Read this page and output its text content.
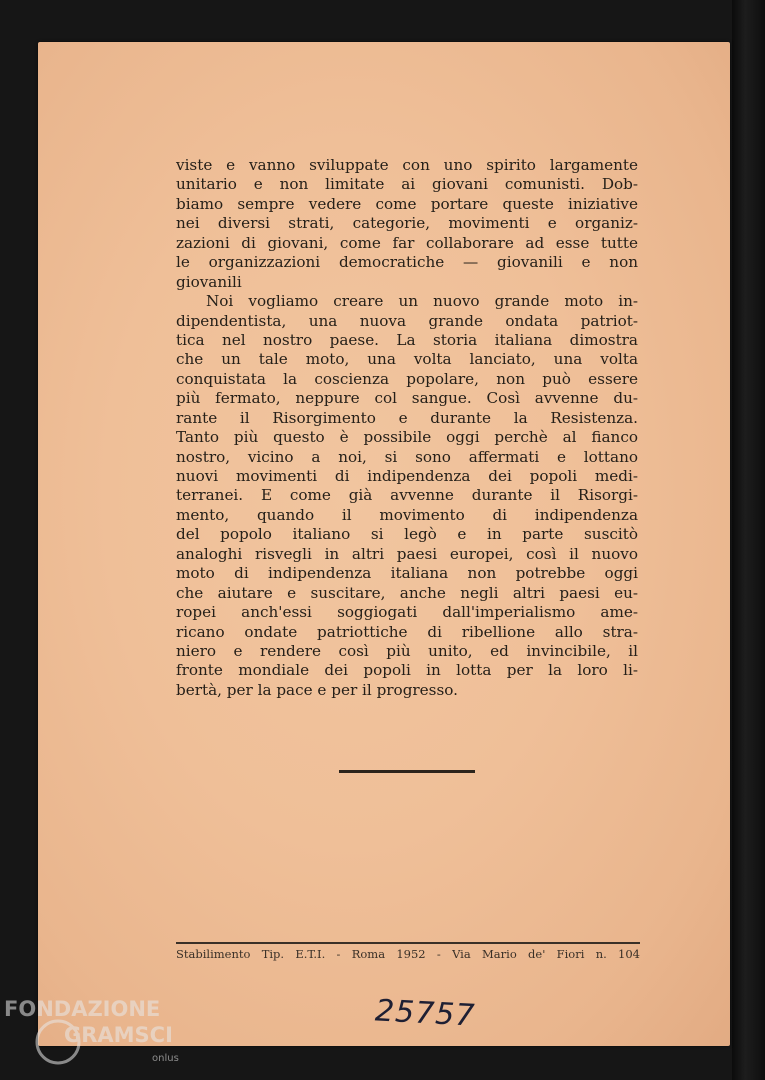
viste e vanno sviluppate con uno spirito largamente
unitario e non limitate ai giovani comunisti. Dob-
biamo sempre vedere come portare queste iniziative
nei diversi strati, categorie, movimenti e organiz-
zazioni di giovani, come far collaborare ad esse tutte
le organizzazioni democratiche — giovanili e non
giovanili
Noi vogliamo creare un nuovo grande moto in-
dipendentista, una nuova grande ondata patriot-
tica nel nostro paese. La storia italiana dimostra
che un tale moto, una volta lanciato, una volta
conquistata la coscienza popolare, non può essere
più fermato, neppure col sangue. Così avvenne du-
rante il Risorgimento e durante la Resistenza.
Tanto più questo è possibile oggi perchè al fianco
nostro, vicino a noi, si sono affermati e lottano
nuovi movimenti di indipendenza dei popoli medi-
terranei. E come già avvenne durante il Risorgi-
mento, quando il movimento di indipendenza
del popolo italiano si legò e in parte suscitò
analoghi risvegli in altri paesi europei, così il nuovo
moto di indipendenza italiana non potrebbe oggi
che aiutare e suscitare, anche negli altri paesi eu-
ropei anch'essi soggiogati dall'imperialismo ame-
ricano ondate patriottiche di ribellione allo stra-
niero e rendere così più unito, ed invincibile, il
fronte mondiale dei popoli in lotta per la loro li-
bertà, per la pace e per il progresso.
Stabilimento Tip. E.T.I. - Roma 1952 - Via Mario de' Fiori n. 104
25757
FONDAZIONE
GRAMSCI
onlus
